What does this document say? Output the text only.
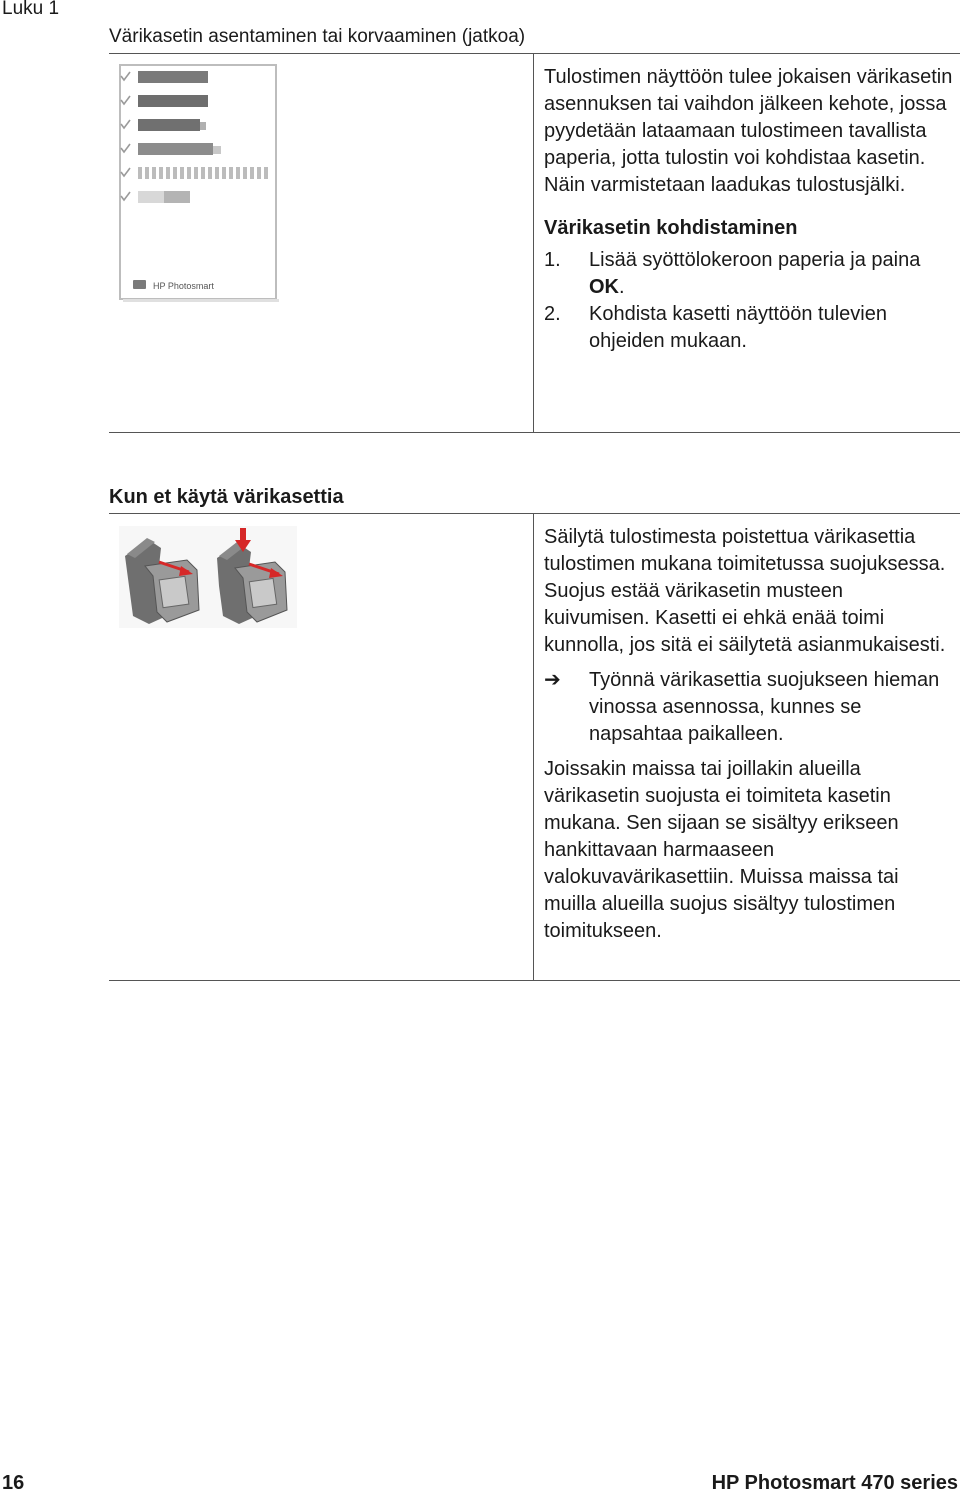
Luku 1
Värikasetin asentaminen tai korvaaminen (jatkoa)
HP Photosmart

Tulostimen näyttöön tulee jokaisen värikasetin asennuksen tai vaihdon jälkeen kehote, jossa pyydetään lataamaan tulostimeen tavallista paperia, jotta tulostin voi kohdistaa kasetin. Näin varmistetaan laadukas tulostusjälki.

Värikasetin kohdistaminen

1. Lisää syöttölokeroon paperia ja paina OK.
2. Kohdista kasetti näyttöön tulevien ohjeiden mukaan.
Kun et käytä värikasettia

Säilytä tulostimesta poistettua värikasettia tulostimen mukana toimitetussa suojuksessa. Suojus estää värikasetin musteen kuivumisen. Kasetti ei ehkä enää toimi kunnolla, jos sitä ei säilytetä asianmukaisesti.

➔ Työnnä värikasettia suojukseen hieman vinossa asennossa, kunnes se napsahtaa paikalleen.

Joissakin maissa tai joillakin alueilla värikasetin suojusta ei toimiteta kasetin mukana. Sen sijaan se sisältyy erikseen hankittavaan harmaaseen valokuvavärikasettiin. Muissa maissa tai muilla alueilla suojus sisältyy tulostimen toimitukseen.

16	HP Photosmart 470 series
